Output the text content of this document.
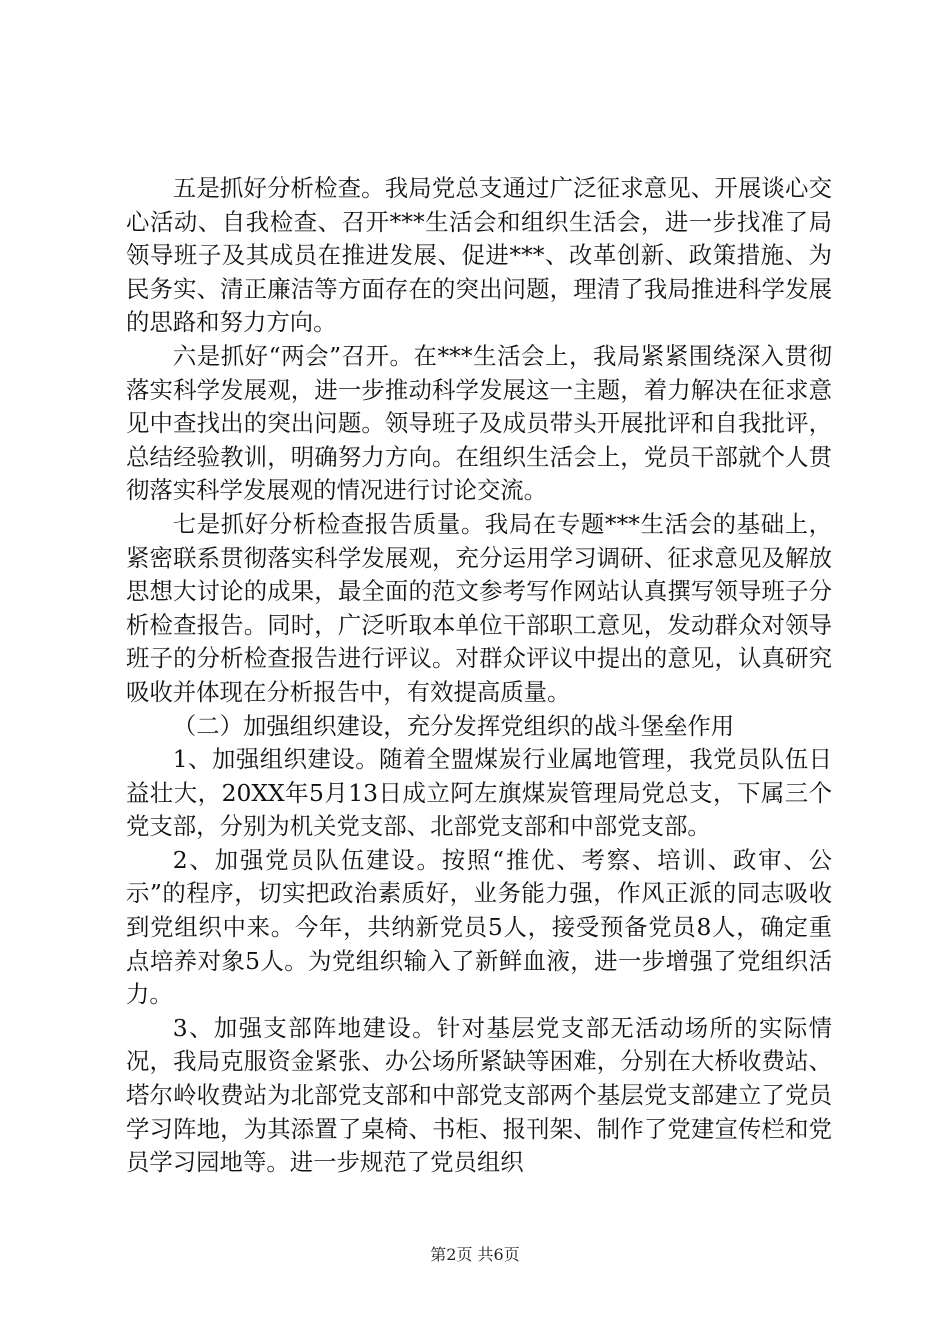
五是抓好分析检查。我局党总支通过广泛征求意见、开展谈心交心活动、自我检查、召开***生活会和组织生活会，进一步找准了局领导班子及其成员在推进发展、促进***、改革创新、政策措施、为民务实、清正廉洁等方面存在的突出问题，理清了我局推进科学发展的思路和努力方向。

六是抓好“两会”召开。在***生活会上，我局紧紧围绕深入贯彻落实科学发展观，进一步推动科学发展这一主题，着力解决在征求意见中查找出的突出问题。领导班子及成员带头开展批评和自我批评，总结经验教训，明确努力方向。在组织生活会上，党员干部就个人贯彻落实科学发展观的情况进行讨论交流。

七是抓好分析检查报告质量。我局在专题***生活会的基础上，紧密联系贯彻落实科学发展观，充分运用学习调研、征求意见及解放思想大讨论的成果，最全面的范文参考写作网站认真撰写领导班子分析检查报告。同时，广泛听取本单位干部职工意见，发动群众对领导班子的分析检查报告进行评议。对群众评议中提出的意见，认真研究吸收并体现在分析报告中，有效提高质量。

（二）加强组织建设，充分发挥党组织的战斗堡垒作用

1、加强组织建设。随着全盟煤炭行业属地管理，我党员队伍日益壮大，20XX年5月13日成立阿左旗煤炭管理局党总支，下属三个党支部，分别为机关党支部、北部党支部和中部党支部。

2、加强党员队伍建设。按照“推优、考察、培训、政审、公示”的程序，切实把政治素质好，业务能力强，作风正派的同志吸收到党组织中来。今年，共纳新党员5人，接受预备党员8人，确定重点培养对象5人。为党组织输入了新鲜血液，进一步增强了党组织活力。

3、加强支部阵地建设。针对基层党支部无活动场所的实际情况，我局克服资金紧张、办公场所紧缺等困难，分别在大桥收费站、塔尔岭收费站为北部党支部和中部党支部两个基层党支部建立了党员学习阵地，为其添置了桌椅、书柜、报刊架、制作了党建宣传栏和党员学习园地等。进一步规范了党员组织

第2页 共6页
